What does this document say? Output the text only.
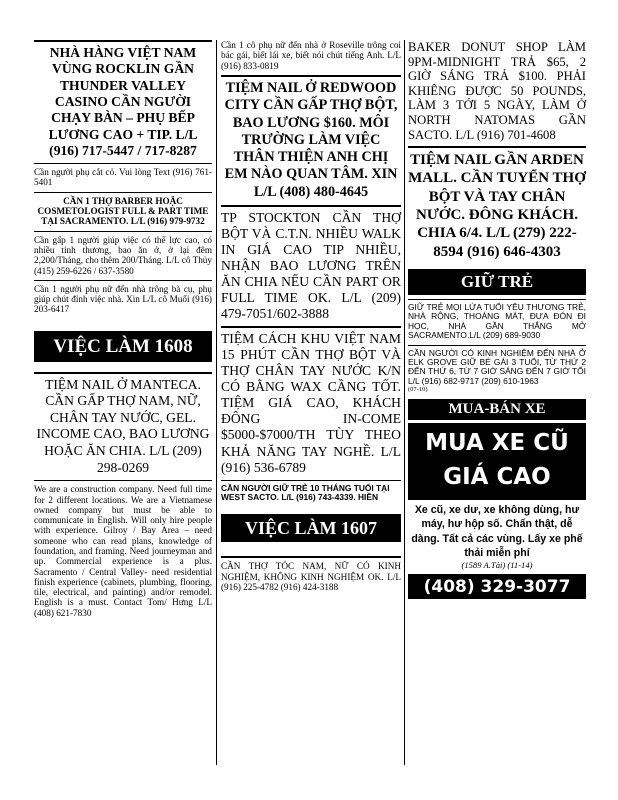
NHÀ HÀNG VIỆT NAM VÙNG ROCKLIN GẦN THUNDER VALLEY CASINO CẦN NGƯỜI CHẠY BÀN – PHỤ BẾP LƯƠNG CAO + TIP. L/L (916) 717-5447 / 717-8287

Cần người phụ cắt cỏ. Vui lòng Text (916) 761-5401

CẦN 1 THỢ BARBER HOẶC COSMETOLOGIST FULL & PART TIME TẠI SACRAMENTO. L/L (916) 979-9732

Cần gấp 1 người giúp việc có thể lực cao, có nhiều tinh thương, bao ăn ở, ở lại đêm 2,200/Tháng, cho thêm 200/Tháng. L/L cô Thủy (415) 259-6226 / 637-3580

Cần 1 người phụ nữ đến nhà trông bà cụ, phụ giúp chút đỉnh việc nhà. Xin L/L cô Muối (916) 203-6417

VIỆC LÀM 1608

TIỆM NAIL Ở MANTECA. CẦN GẤP THỢ NAM, NỮ, CHÂN TAY NƯỚC, GEL. INCOME CAO, BAO LƯƠNG HOẶC ĂN CHIA. L/L (209) 298-0269

We are a construction company. Need full time for 2 different locations. We are a Vietnamese owned company but must be able to communicate in English. Will only hire people with experience. Gilroy / Bay Area – need someone who can read plans, knowledge of foundation, and framing. Need journeyman and up. Commercial experience is a plus. Sacramento / Central Valley- need residential finish experience (cabinets, plumbing, flooring, tile, electrical, and painting) and/or remodel. English is a must. Contact Tom/ Hưng L/L (408) 621-7830

Cần 1 cô phụ nữ đến nhà ở Roseville trông coi bác gái, biết lái xe, biết nói chút tiếng Anh. L/L (916) 833-0819

TIỆM NAIL Ở REDWOOD CITY CẦN GẤP THỢ BỘT, BAO LƯƠNG $160. MÔI TRƯỜNG LÀM VIỆC THÂN THIỆN ANH CHỊ EM NÀO QUAN TÂM. XIN L/L (408) 480-4645

TP STOCKTON CẦN THỢ BỘT VÀ C.T.N. NHIỀU WALK IN GIÁ CAO TIP NHIỀU, NHẬN BAO LƯƠNG TRÊN ĂN CHIA NẾU CẦN PART OR FULL TIME OK. L/L (209) 479-7051/602-3888

TIỆM CÁCH KHU VIỆT NAM 15 PHÚT CẦN THỢ BỘT VÀ THỢ CHÂN TAY NƯỚC K/N CÓ BẰNG WAX CẦNG TỐT. TIỆM GIÁ CAO, KHÁCH ĐÔNG IN-COME $5000-$7000/TH TÙY THEO KHẢ NĂNG TAY NGHỀ. L/L (916) 536-6789

CẦN NGƯỜI GIỮ TRẺ 10 THÁNG TUỔI TẠI WEST SACTO. L/L (916) 743-4339. HIỀN

VIỆC LÀM 1607

CẦN THỢ TÓC NAM, NỮ CÓ KINH NGHIỆM, KHÔNG KINH NGHIỆM OK. L/L (916) 225-4782 (916) 424-3188

BAKER DONUT SHOP LÀM 9PM-MIDNIGHT TRẢ $65, 2 GIỜ SÁNG TRẢ $100. PHẢI KHIÊNG ĐƯỢC 50 POUNDS, LÀM 3 TỚI 5 NGÀY, LÀM Ở NORTH NATOMAS GẦN SACTO. L/L (916) 701-4608

TIỆM NAIL GẦN ARDEN MALL. CẦN TUYỂN THỢ BỘT VÀ TAY CHÂN NƯỚC. ĐÔNG KHÁCH. CHIA 6/4. L/L (279) 222-8594 (916) 646-4303

GIỮ TRẺ

GIỮ TRẺ MỌI LỨA TUỔI YÊU THƯƠNG TRẺ, NHÀ RỘNG, THOÁNG MÁT, ĐƯA ĐÓN ĐI HỌC, NHÀ GẦN THẮNG MỞ SACRAMENTO.L/L (209) 689-9030

CẦN NGƯỜI CÓ KINH NGHIỆM ĐẾN NHÀ Ở ELK GROVE GIỮ BÉ GÁI 3 TUỔI, TỪ THỨ 2 ĐẾN THỨ 6, TỪ 7 GIỜ SÁNG ĐẾN 7 GIỜ TỐI L/L (916) 682-9717 (209) 610-1963

(07-10)

MUA-BÁN XE
MUA XE CŨ
GIÁ CAO

Xe cũ, xe dư, xe không dùng, hư máy, hư hộp số. Chấn thật, dễ dàng. Tất cả các vùng. Lấy xe phế thải miễn phí

(1589 A.Tài) (11-14)

(408) 329-3077
